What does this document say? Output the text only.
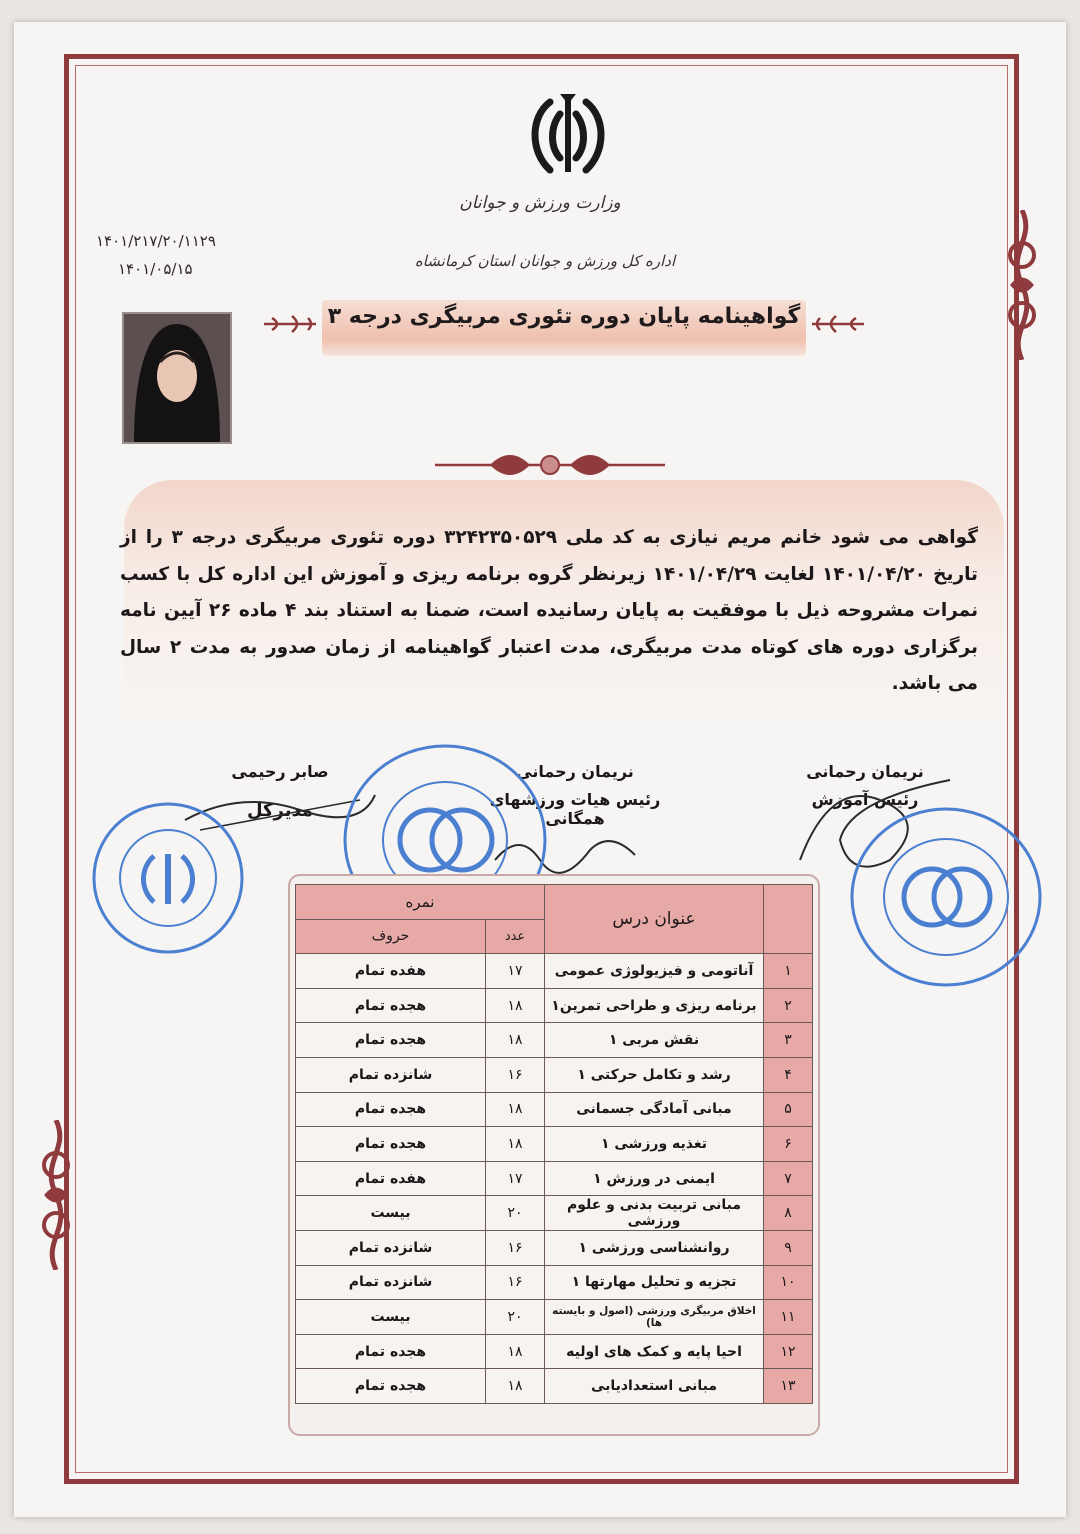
وزارت ورزش و جوانان
اداره کل ورزش و جوانان استان کرمانشاه
۱۴۰۱/۲۱۷/۲۰/۱۱۲۹
۱۴۰۱/۰۵/۱۵
گواهینامه پایان دوره تئوری مربیگری درجه ۳
گواهی می شود خانم مریم نیازی به کد ملی ۳۲۴۲۳۵۰۵۲۹ دوره تئوری مربیگری درجه ۳ را از تاریخ ۱۴۰۱/۰۴/۲۰ لغایت ۱۴۰۱/۰۴/۲۹ زیرنظر گروه برنامه ریزی و آموزش این اداره کل با کسب نمرات مشروحه ذیل با موفقیت به پایان رسانیده است، ضمنا به استناد بند ۴ ماده ۲۶ آیین نامه برگزاری دوره های کوتاه مدت مربیگری، مدت اعتبار گواهینامه از زمان صدور به مدت ۲ سال می باشد.
صابر رحیمی
مدیرکل
نریمان رحمانی
رئیس هیات ورزشهای همگانی
نریمان رحمانی
رئیس آموزش
	عنوان درس	نمره	
		عدد	حروف
۱	آناتومی و فیزیولوژی عمومی	۱۷	هفده تمام
۲	برنامه ریزی و طراحی تمرین۱	۱۸	هجده تمام
۳	نقش مربی ۱	۱۸	هجده تمام
۴	رشد و تکامل حرکتی ۱	۱۶	شانزده تمام
۵	مبانی آمادگی جسمانی	۱۸	هجده تمام
۶	تغذیه ورزشی ۱	۱۸	هجده تمام
۷	ایمنی در ورزش ۱	۱۷	هفده تمام
۸	مبانی تربیت بدنی و علوم ورزشی	۲۰	بیست
۹	روانشناسی ورزشی ۱	۱۶	شانزده تمام
۱۰	تجزیه و تحلیل مهارتها ۱	۱۶	شانزده تمام
۱۱	اخلاق مربیگری ورزشی (اصول و بایسته ها)	۲۰	بیست
۱۲	احیا پایه و کمک های اولیه	۱۸	هجده تمام
۱۳	مبانی استعدادیابی	۱۸	هجده تمام
